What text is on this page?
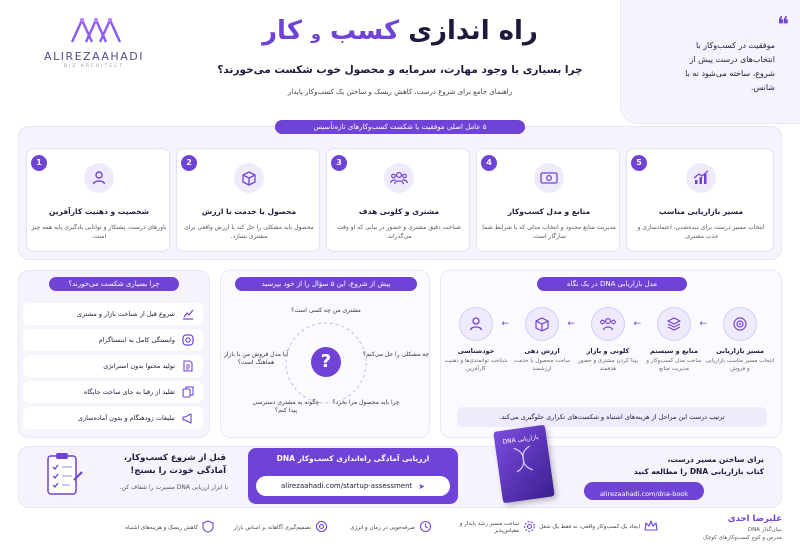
ALIREZAAHADI
BIZ ARCHITECT
راه اندازی کسب و کار
چرا بسیاری با وجود مهارت، سرمایه و محصول خوب شکست می‌خورند؟
راهنمای جامع برای شروع درست، کاهش ریسک و ساختن یک کسب‌وکار پایدار
❝
موفقیت در کسب‌وکار با انتخاب‌های درست پیش از شروع، ساخته می‌شود نه با شانس.
۵ عامل اصلی موفقیت یا شکست کسب‌وکارهای تازه‌تأسیس
1
شخصیت و ذهنیت کارآفرین
باورهای درست، پشتکار و توانایی یادگیری پایه همه چیز است.
2
محصول یا خدمت با ارزش
محصول باید مشکلی را حل کند یا ارزش واقعی برای مشتری بسازد.
3
مشتری و کلونی هدف
شناخت دقیق مشتری و حضور در بیابی که او وقت می‌گذراند.
4
منابع و مدل کسب‌وکار
مدیریت منابع محدود و انتخاب مدلی که با شرایط شما سازگار است.
5
مسیر بازاریابی مناسب
انتخاب مسیر درست برای دیده‌شدن، اعتمادسازی و جذب مشتری.
چرا بسیاری شکست می‌خورند؟
شروع قبل از شناخت بازار و مشتری
وابستگی کامل به اینستاگرام
تولید محتوا بدون استراتژی
تقلید از رقبا به جای ساخت جایگاه
تبلیغات زودهنگام و بدون آماده‌سازی
پیش از شروع، این ۵ سؤال را از خود بپرسید
?
مشتری من چه کسی است؟
چه مشکلی را حل می‌کنم؟
چرا باید محصول مرا بخرد؟
چگونه به مشتری دسترسی پیدا کنم؟
آیا مدل فروش من با بازار هماهنگ است؟
مدل بازاریابی DNA در یک نگاه
مسیر بازاریابی
انتخاب مسیر مناسب بازاریابی و فروش
منابع و سیستم
ساخت مدل کسب‌وکار و مدیریت منابع
کلونی و بازار
پیدا کردن مشتری و حضور هدفمند
ارزش دهی
ساخت محصول یا خدمت ارزشمند
خودشناسی
شناخت توانمندی‌ها و ذهنیت کارآفرین
←
←
←
←
ترتیب درست این مراحل از هزینه‌های اشتباه و شکست‌های تکراری جلوگیری می‌کند.
قبل از شروع کسب‌وکار،
آمادگی خودت را بسنج!
با ابزار ارزیابی DNA مسیرت را شفاف کن.
ارزیابی آمادگی راه‌اندازی کسب‌وکار DNA
alirezaahadi.com/startup-assessment ➤
بازاریابی DNA
برای ساختن مسیر درست،
کتاب بازاریابی DNA را مطالعه کنید
alirezaahadi.com/dna-book
ایجاد یک کسب‌وکار واقعی، نه فقط یک شغل
ساخت مسیر رشد پایدار و مقیاس‌پذیر
صرفه‌جویی در زمان و انرژی
تصمیم‌گیری آگاهانه بر اساس بازار
کاهش ریسک و هزینه‌های اشتباه
علیرضا احدی
بنیان‌گذار DNA
مدرس و کوچ کسب‌وکارهای کوچک
